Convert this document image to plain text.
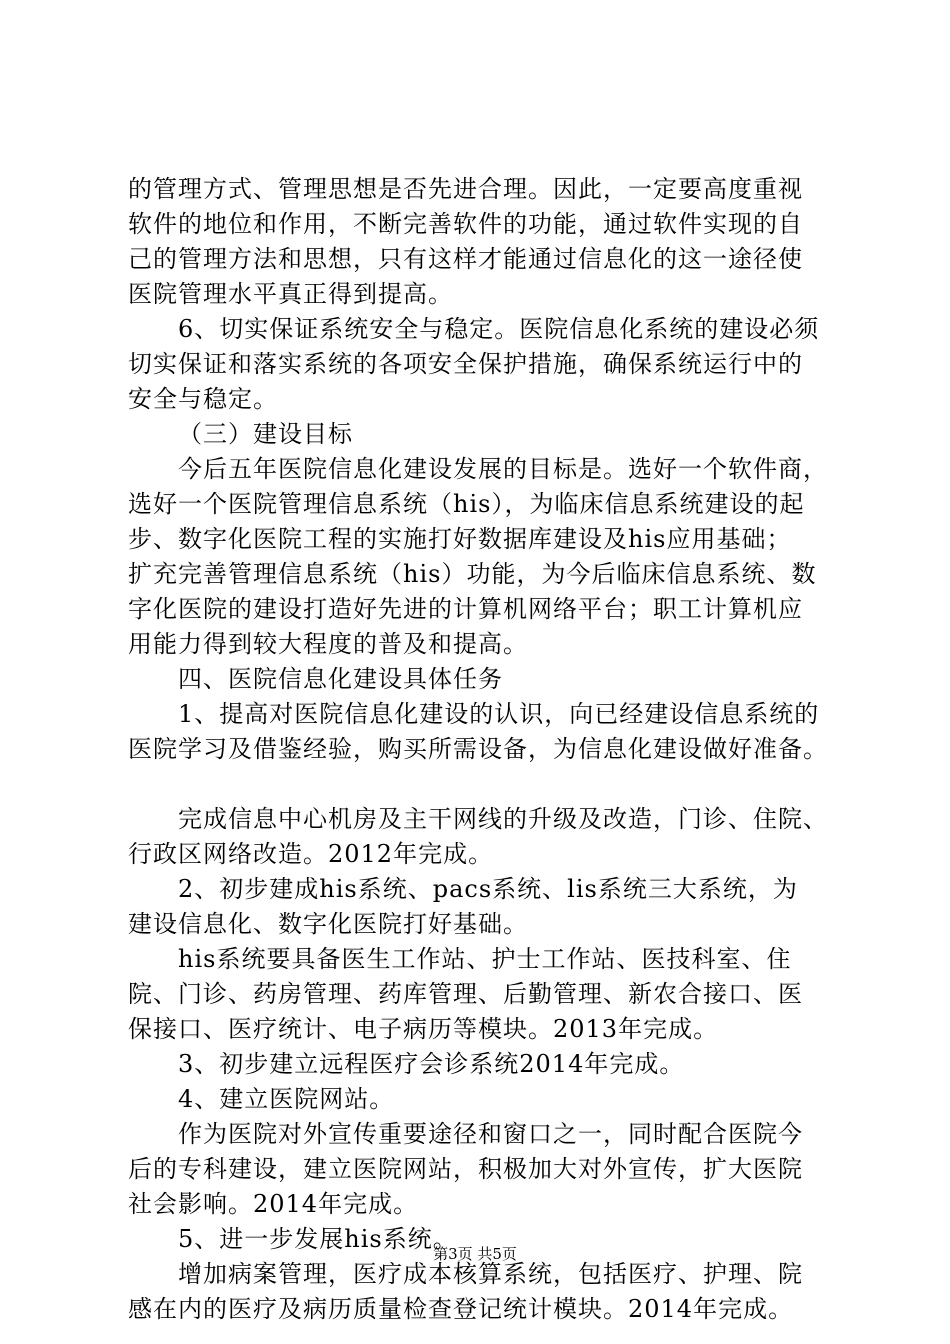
的管理方式、管理思想是否先进合理。因此，一定要高度重视
软件的地位和作用，不断完善软件的功能，通过软件实现的自
己的管理方法和思想，只有这样才能通过信息化的这一途径使
医院管理水平真正得到提高。
6、切实保证系统安全与稳定。医院信息化系统的建设必须
切实保证和落实系统的各项安全保护措施，确保系统运行中的
安全与稳定。
（三）建设目标
今后五年医院信息化建设发展的目标是。选好一个软件商，
选好一个医院管理信息系统（his），为临床信息系统建设的起
步、数字化医院工程的实施打好数据库建设及his应用基础；
扩充完善管理信息系统（his）功能，为今后临床信息系统、数
字化医院的建设打造好先进的计算机网络平台；职工计算机应
用能力得到较大程度的普及和提高。
四、医院信息化建设具体任务
1、提高对医院信息化建设的认识，向已经建设信息系统的
医院学习及借鉴经验，购买所需设备，为信息化建设做好准备。
完成信息中心机房及主干网线的升级及改造，门诊、住院、
行政区网络改造。2012年完成。
2、初步建成his系统、pacs系统、lis系统三大系统，为
建设信息化、数字化医院打好基础。
his系统要具备医生工作站、护士工作站、医技科室、住
院、门诊、药房管理、药库管理、后勤管理、新农合接口、医
保接口、医疗统计、电子病历等模块。2013年完成。
3、初步建立远程医疗会诊系统2014年完成。
4、建立医院网站。
作为医院对外宣传重要途径和窗口之一，同时配合医院今
后的专科建设，建立医院网站，积极加大对外宣传，扩大医院
社会影响。2014年完成。
5、进一步发展his系统。
增加病案管理，医疗成本核算系统，包括医疗、护理、院
感在内的医疗及病历质量检查登记统计模块。2014年完成。
第3页 共5页
